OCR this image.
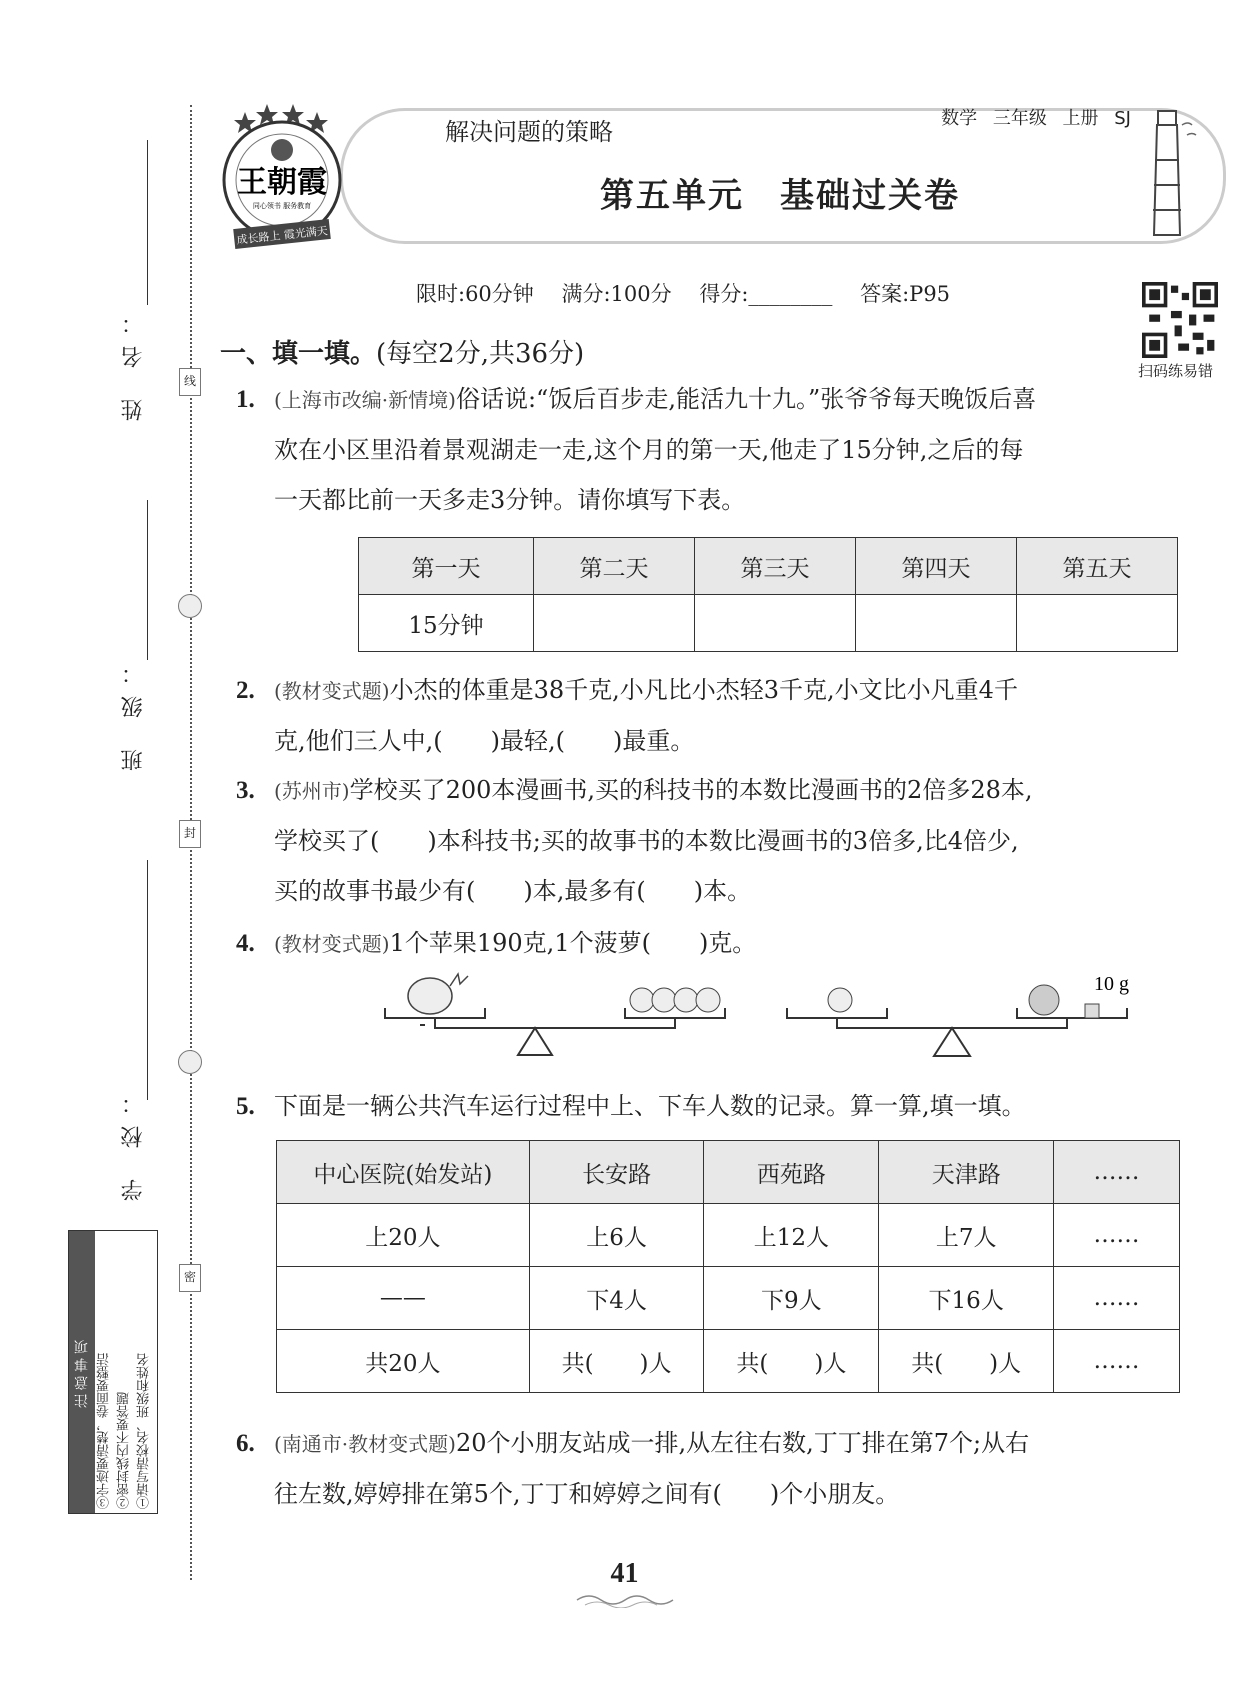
姓 名：
班 级：
学 校：
线
封
密
注意事项	①请写清校名、班级和姓名
②密封线内不要答题
③字迹要清楚，卷面要整洁
王朝霞
同心领书 服务教育
成长路上 霞光满天
解决问题的策略	数学 三年级 上册 SJ
第五单元　基础过关卷
限时:60分钟　 满分:100分　 得分:________　 答案:P95
扫码练易错
一、填一填。(每空2分,共36分)
1. (上海市改编·新情境)俗话说:“饭后百步走,能活九十九。”张爷爷每天晚饭后喜
欢在小区里沿着景观湖走一走,这个月的第一天,他走了15分钟,之后的每
一天都比前一天多走3分钟。请你填写下表。
第一天	第二天	第三天	第四天	第五天
15分钟				
2. (教材变式题)小杰的体重是38千克,小凡比小杰轻3千克,小文比小凡重4千
克,他们三人中,(　　)最轻,(　　)最重。
3. (苏州市)学校买了200本漫画书,买的科技书的本数比漫画书的2倍多28本,
学校买了(　　)本科技书;买的故事书的本数比漫画书的3倍多,比4倍少,
买的故事书最少有(　　)本,最多有(　　)本。
4. (教材变式题)1个苹果190克,1个菠萝(　　)克。
10 g
5. 下面是一辆公共汽车运行过程中上、下车人数的记录。算一算,填一填。
中心医院(始发站)	长安路	西苑路	天津路	……
上20人	上6人	上12人	上7人	……
——	下4人	下9人	下16人	……
共20人	共(　　)人	共(　　)人	共(　　)人	……
6. (南通市·教材变式题)20个小朋友站成一排,从左往右数,丁丁排在第7个;从右
往左数,婷婷排在第5个,丁丁和婷婷之间有(　　)个小朋友。
41
